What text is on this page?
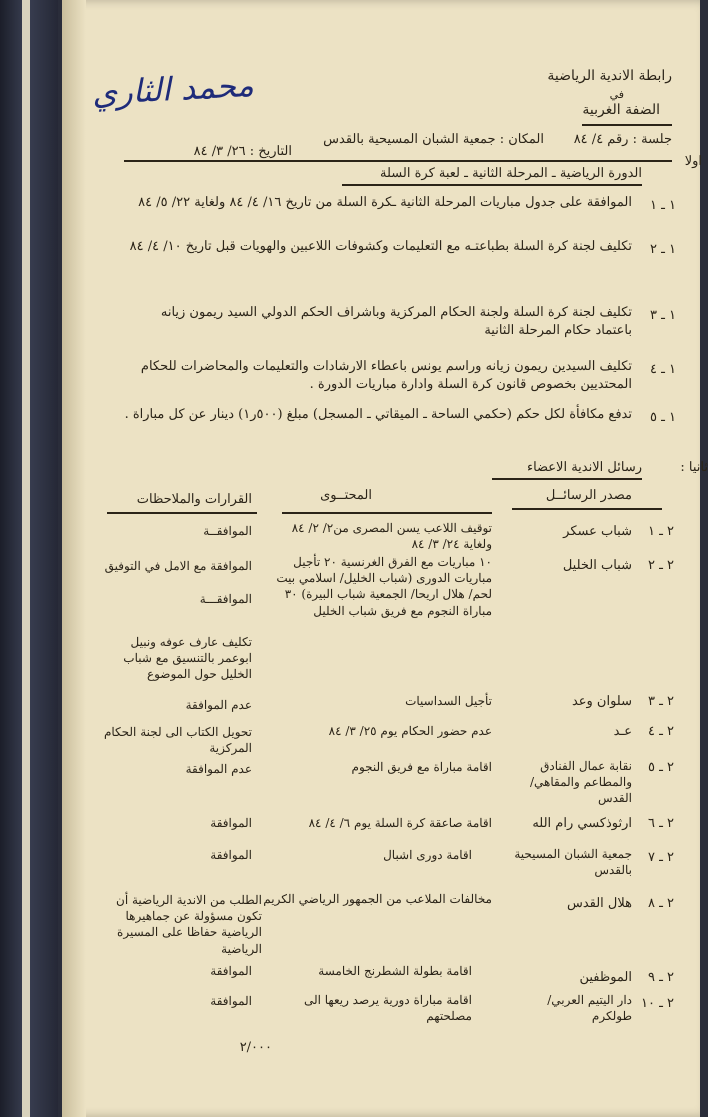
محمد الثاري	رابطة الاندية الرياضية
في
الضفة الغربية
جلسة : رقم ٤/ ٨٤
المكان : جمعية الشبان المسيحية بالقدس
التاريخ : ٢٦/ ٣/ ٨٤
اولا
الدورة الرياضية ـ المرحلة الثانية ـ لعبة كرة السلة
١ ـ ١
الموافقة على جدول مباريات المرحلة الثانية ـكرة السلة من تاريخ ١٦/ ٤/ ٨٤ ولغاية ٢٢/ ٥/ ٨٤
١ ـ ٢
تكليف لجنة كرة السلة بطباعتـه مع التعليمات وكشوفات اللاعبين والهويات قبل تاريخ ١٠/ ٤/ ٨٤
١ ـ ٣
تكليف لجنة كرة السلة ولجنة الحكام المركزية وباشراف الحكم الدولي السيد ريمون زيانه باعتماد حكام المرحلة الثانية
١ ـ ٤
تكليف السيدين ريمون زيانه وراسم يونس باعطاء الارشادات والتعليمات والمحاضرات للحكام المحتديين بخصوص قانون كرة السلة وادارة مباريات الدورة .
١ ـ ٥
تدفع مكافأة لكل حكم (حكمي الساحة ـ الميقاتي ـ المسجل) مبلغ (٥٠٠ر١) دينار عن كل مباراة .
ثانيا :
رسائل الاندية الاعضاء
مصدر الرسائــل
المحتــوى
القرارات والملاحظات
٢ ـ ١
شباب عسكر
توقيف اللاعب يسن المصرى من٢/ ٢/ ٨٤ ولغاية ٢٤/ ٣/ ٨٤
الموافقــة
٢ ـ ٢
شباب الخليل
١٠ مباريات مع الفرق الغرنسية ٢٠ تأجيل مباريات الدورى (شباب الخليل/ اسلامي بيت لحم/ هلال اريحا/ الجمعية شباب البيرة) ٣٠ مباراة النجوم مع فريق شباب الخليل
الموافقة مع الامل في التوفيق
الموافقـــة
تكليف عارف عوفه ونبيل ابوعمر بالتنسيق مع شباب الخليل حول الموضوع
٢ ـ ٣
سلوان وعد
تأجيل السداسيات
عدم الموافقة
٢ ـ ٤
عـد
عدم حضور الحكام يوم ٢٥/ ٣/ ٨٤
تحويل الكتاب الى لجنة الحكام المركزية
٢ ـ ٥
نقابة عمال الفنادق والمطاعم والمقاهي/ القدس
اقامة مباراة مع فريق النجوم
عدم الموافقة
٢ ـ ٦
ارثوذكسي رام الله
اقامة صاعقة كرة السلة يوم ٦/ ٤/ ٨٤
الموافقة
٢ ـ ٧
جمعية الشبان المسيحية بالقدس
اقامة دورى اشبال
الموافقة
٢ ـ ٨
هلال القدس
مخالفات الملاعب من الجمهور الرياضي الكريم
الطلب من الاندية الرياضية أن تكون مسؤولة عن جماهيرها الرياضية حفاظا على المسيرة الرياضية
٢ ـ ٩
الموظفين
اقامة بطولة الشطرنج الخامسة
الموافقة
٢ ـ ١٠
دار اليتيم العربي/ طولكرم
اقامة مباراة دورية يرصد ريعها الى مصلحتهم
الموافقة
٢/٠٠٠
